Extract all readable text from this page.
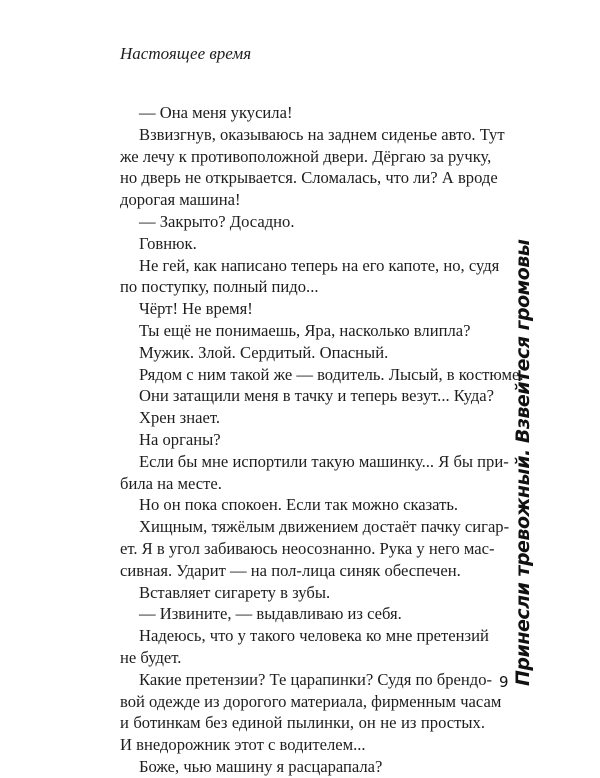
Настоящее время
— Она меня укусила!
Взвизгнув, оказываюсь на заднем сиденье авто. Тут
же лечу к противоположной двери. Дёргаю за ручку,
но дверь не открывается. Сломалась, что ли? А вроде
дорогая машина!
— Закрыто? Досадно.
Говнюк.
Не гей, как написано теперь на его капоте, но, судя
по поступку, полный пидо...
Чёрт! Не время!
Ты ещё не понимаешь, Яра, насколько влипла?
Мужик. Злой. Сердитый. Опасный.
Рядом с ним такой же — водитель. Лысый, в костюме.
Они затащили меня в тачку и теперь везут... Куда?
Хрен знает.
На органы?
Если бы мне испортили такую машинку... Я бы при-
била на месте.
Но он пока спокоен. Если так можно сказать.
Хищным, тяжёлым движением достаёт пачку сигар-
ет. Я в угол забиваюсь неосознанно. Рука у него мас-
сивная. Ударит — на пол-лица синяк обеспечен.
Вставляет сигарету в зубы.
— Извините, — выдавливаю из себя.
Надеюсь, что у такого человека ко мне претензий
не будет.
Какие претензии? Те царапинки? Судя по брендо-
вой одежде из дорогого материала, фирменным часам
и ботинкам без единой пылинки, он не из простых.
И внедорожник этот с водителем...
Боже, чью машину я расцарапала?
Принесли тревожный. Взвейтеся громовы
9
